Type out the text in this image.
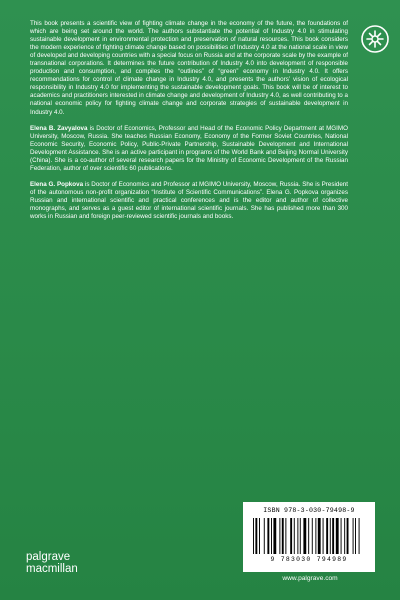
This book presents a scientific view of fighting climate change in the economy of the future, the foundations of which are being set around the world. The authors substantiate the potential of Industry 4.0 in stimulating sustainable development in environmental protection and preservation of natural resources. This book considers the modern experience of fighting climate change based on possibilities of Industry 4.0 at the national scale in view of developed and developing countries with a special focus on Russia and at the corporate scale by the example of transnational corporations. It determines the future contribution of Industry 4.0 into development of responsible production and consumption, and compiles the “outlines” of “green” economy in Industry 4.0. It offers recommendations for control of climate change in Industry 4.0, and presents the authors’ vision of ecological responsibility in Industry 4.0 for implementing the sustainable development goals. This book will be of interest to academics and practitioners interested in climate change and development of Industry 4.0, as well contributing to a national economic policy for fighting climate change and corporate strategies of sustainable development in Industry 4.0.

Elena B. Zavyalova is Doctor of Economics, Professor and Head of the Economic Policy Department at MGIMO University, Moscow, Russia. She teaches Russian Economy, Economy of the Former Soviet Countries, National Economic Security, Economic Policy, Public-Private Partnership, Sustainable Development and International Development Assistance. She is an active participant in programs of the World Bank and Beijing Normal University (China). She is a co-author of several research papers for the Ministry of Economic Development of the Russian Federation, author of over scientific 60 publications.

Elena G. Popkova is Doctor of Economics and Professor at MGIMO University, Moscow, Russia. She is President of the autonomous non-profit organization “Institute of Scientific Communications”. Elena G. Popkova organizes Russian and international scientific and practical conferences and is the editor and author of collective monographs, and serves as a guest editor of international scientific journals. She has published more than 300 works in Russian and foreign peer-reviewed scientific journals and books.

ISBN 978-3-030-79498-9
9 783030 794989
palgrave
macmillan
www.palgrave.com
